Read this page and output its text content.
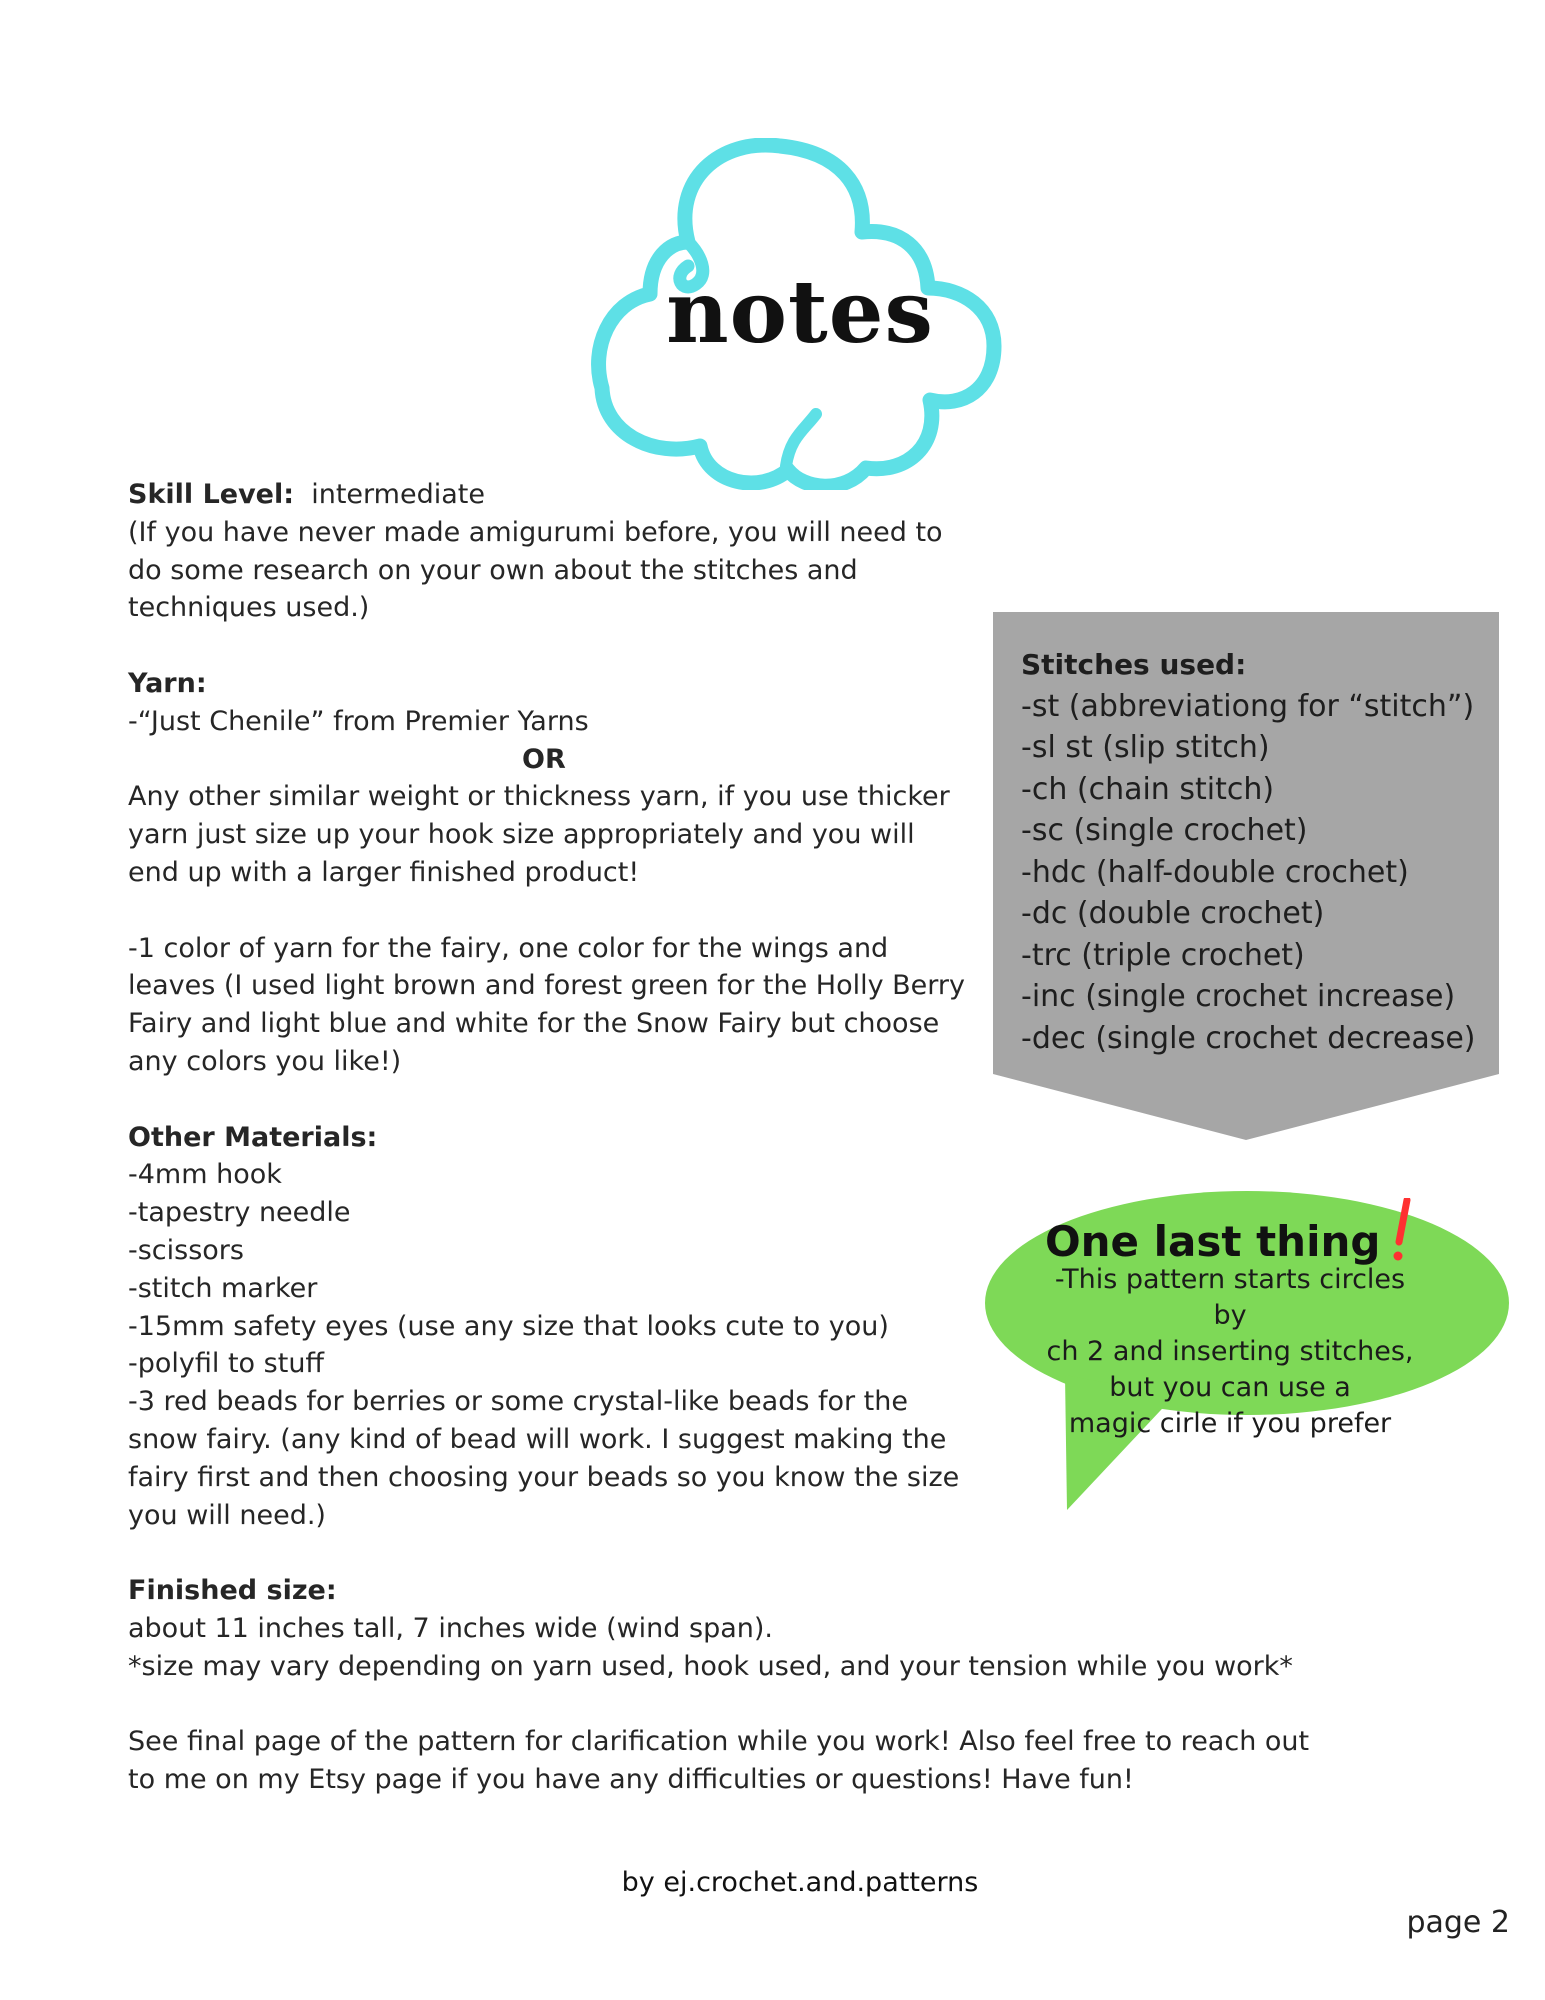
notes
Skill Level: intermediate
(If you have never made amigurumi before, you will need to
do some research on your own about the stitches and
techniques used.)
Yarn:
-“Just Chenile” from Premier Yarns
OR
Any other similar weight or thickness yarn, if you use thicker
yarn just size up your hook size appropriately and you will
end up with a larger finished product!
-1 color of yarn for the fairy, one color for the wings and
leaves (I used light brown and forest green for the Holly Berry
Fairy and light blue and white for the Snow Fairy but choose
any colors you like!)
Other Materials:
-4mm hook
-tapestry needle
-scissors
-stitch marker
-15mm safety eyes (use any size that looks cute to you)
-polyfil to stuff
-3 red beads for berries or some crystal-like beads for the
snow fairy. (any kind of bead will work. I suggest making the
fairy first and then choosing your beads so you know the size
you will need.)
Finished size:
about 11 inches tall, 7 inches wide (wind span).
*size may vary depending on yarn used, hook used, and your tension while you work*
See final page of the pattern for clarification while you work! Also feel free to reach out
to me on my Etsy page if you have any difficulties or questions! Have fun!
Stitches used:
-st (abbreviationg for “stitch”)
-sl st (slip stitch)
-ch (chain stitch)
-sc (single crochet)
-hdc (half-double crochet)
-dc (double crochet)
-trc (triple crochet)
-inc (single crochet increase)
-dec (single crochet decrease)
One last thing
-This pattern starts circles by
ch 2 and inserting stitches,
but you can use a
magic cirle if you prefer
by ej.crochet.and.patterns
page 2
